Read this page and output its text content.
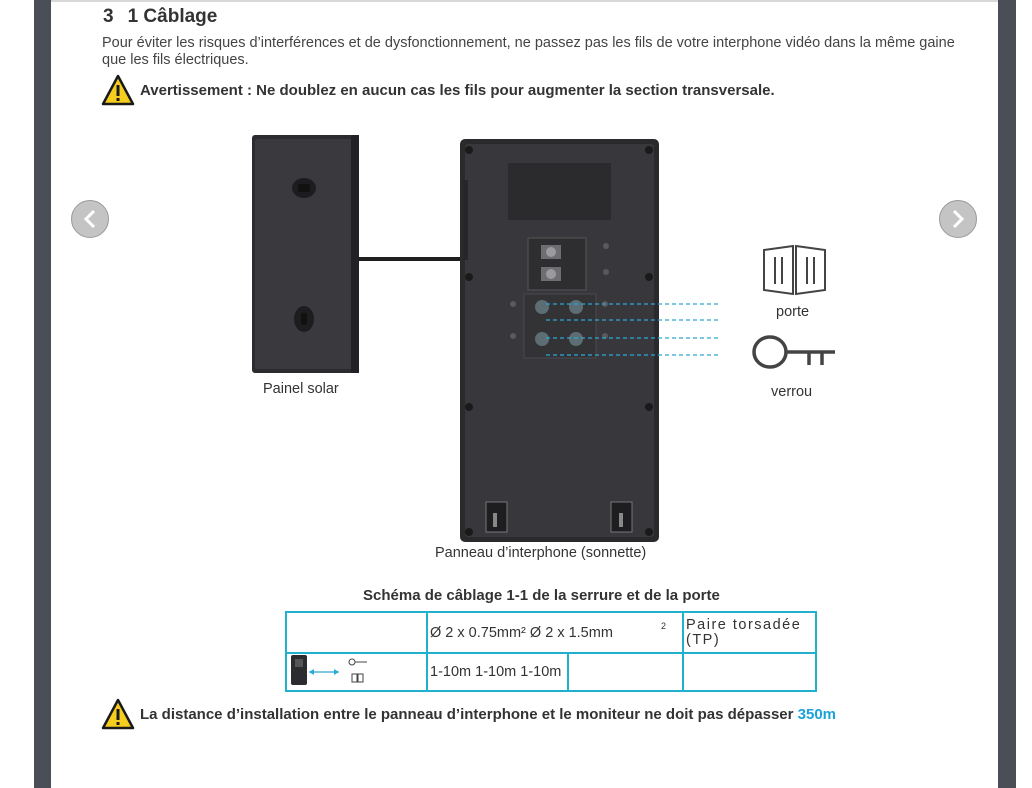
3 1 Câblage
Pour éviter les risques d’interférences et de dysfonctionnement, ne passez pas les fils de votre interphone vidéo dans la même gaine que les fils électriques.
Avertissement : Ne doublez en aucun cas les fils pour augmenter la section transversale.
Painel solar
porte
verrou
Panneau d’interphone (sonnette)
Schéma de câblage 1-1 de la serrure et de la porte
	Ø 2 x 0.75mm² Ø 2 x 1.5mm 2		Paire torsadée (TP)
	1-10m 1-10m 1-10m		
La distance d’installation entre le panneau d’interphone et le moniteur ne doit pas dépasser 350m
